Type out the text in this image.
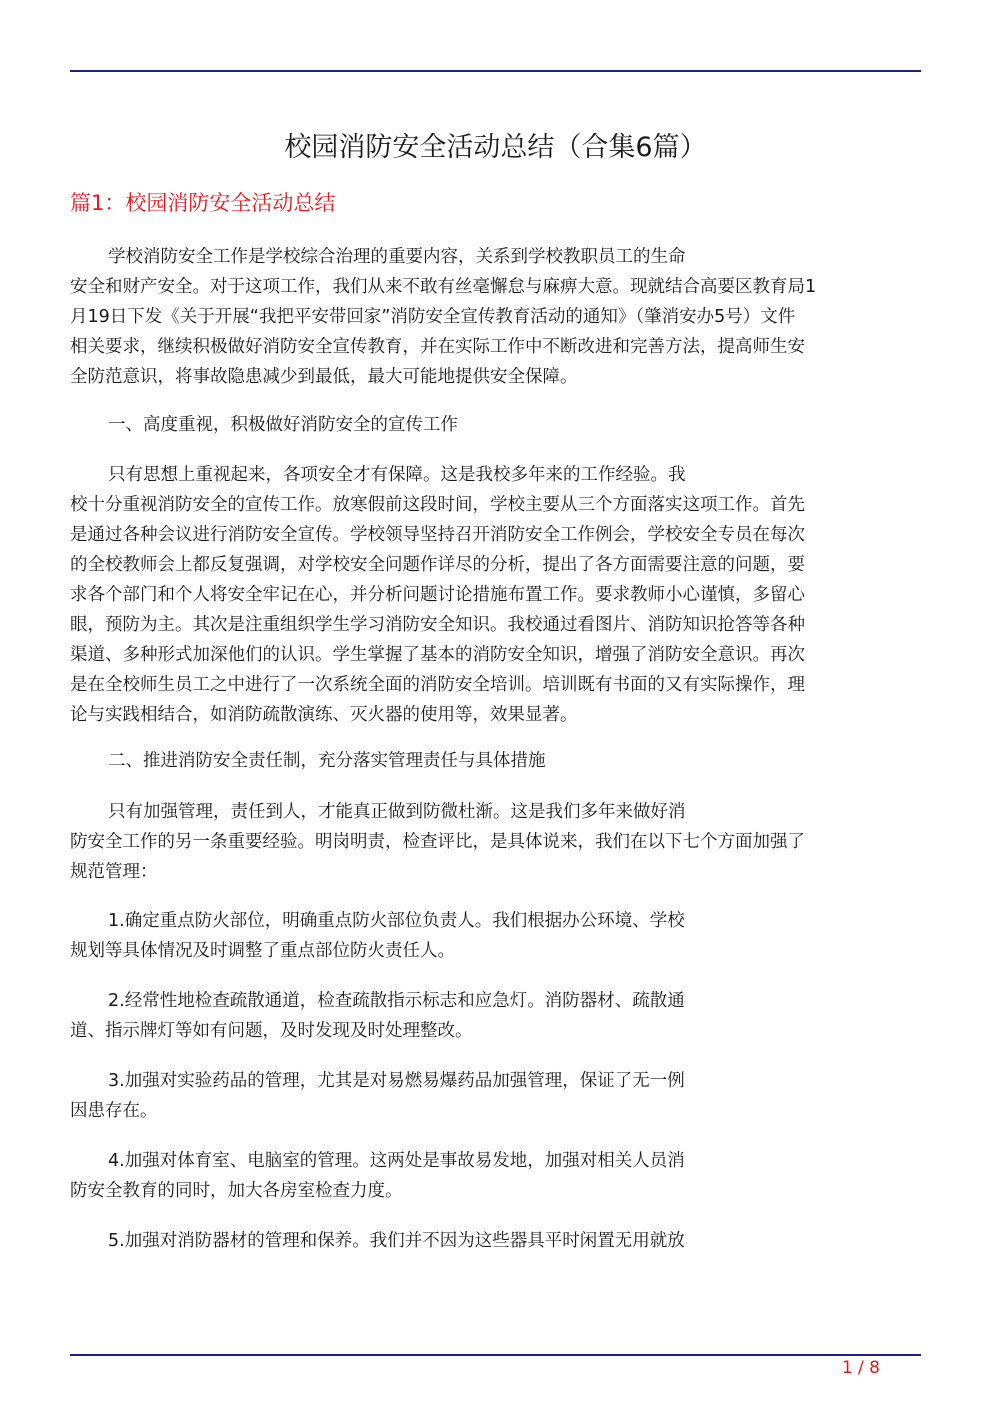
校园消防安全活动总结（合集6篇）
篇1：校园消防安全活动总结
学校消防安全工作是学校综合治理的重要内容，关系到学校教职员工的生命
安全和财产安全。对于这项工作，我们从来不敢有丝毫懈怠与麻痹大意。现就结合高要区教育局1
月19日下发《关于开展“我把平安带回家”消防安全宣传教育活动的通知》（肇消安办5号）文件
相关要求，继续积极做好消防安全宣传教育，并在实际工作中不断改进和完善方法，提高师生安
全防范意识，将事故隐患减少到最低，最大可能地提供安全保障。
一、高度重视，积极做好消防安全的宣传工作
只有思想上重视起来，各项安全才有保障。这是我校多年来的工作经验。我
校十分重视消防安全的宣传工作。放寒假前这段时间，学校主要从三个方面落实这项工作。首先
是通过各种会议进行消防安全宣传。学校领导坚持召开消防安全工作例会，学校安全专员在每次
的全校教师会上都反复强调，对学校安全问题作详尽的分析，提出了各方面需要注意的问题，要
求各个部门和个人将安全牢记在心，并分析问题讨论措施布置工作。要求教师小心谨慎，多留心
眼，预防为主。其次是注重组织学生学习消防安全知识。我校通过看图片、消防知识抢答等各种
渠道、多种形式加深他们的认识。学生掌握了基本的消防安全知识，增强了消防安全意识。再次
是在全校师生员工之中进行了一次系统全面的消防安全培训。培训既有书面的又有实际操作，理
论与实践相结合，如消防疏散演练、灭火器的使用等，效果显著。
二、推进消防安全责任制，充分落实管理责任与具体措施
只有加强管理，责任到人，才能真正做到防微杜渐。这是我们多年来做好消
防安全工作的另一条重要经验。明岗明责，检查评比，是具体说来，我们在以下七个方面加强了
规范管理：
1.确定重点防火部位，明确重点防火部位负责人。我们根据办公环境、学校
规划等具体情况及时调整了重点部位防火责任人。
2.经常性地检查疏散通道，检查疏散指示标志和应急灯。消防器材、疏散通
道、指示牌灯等如有问题，及时发现及时处理整改。
3.加强对实验药品的管理，尤其是对易燃易爆药品加强管理，保证了无一例
因患存在。
4.加强对体育室、电脑室的管理。这两处是事故易发地，加强对相关人员消
防安全教育的同时，加大各房室检查力度。
5.加强对消防器材的管理和保养。我们并不因为这些器具平时闲置无用就放
1 / 8
